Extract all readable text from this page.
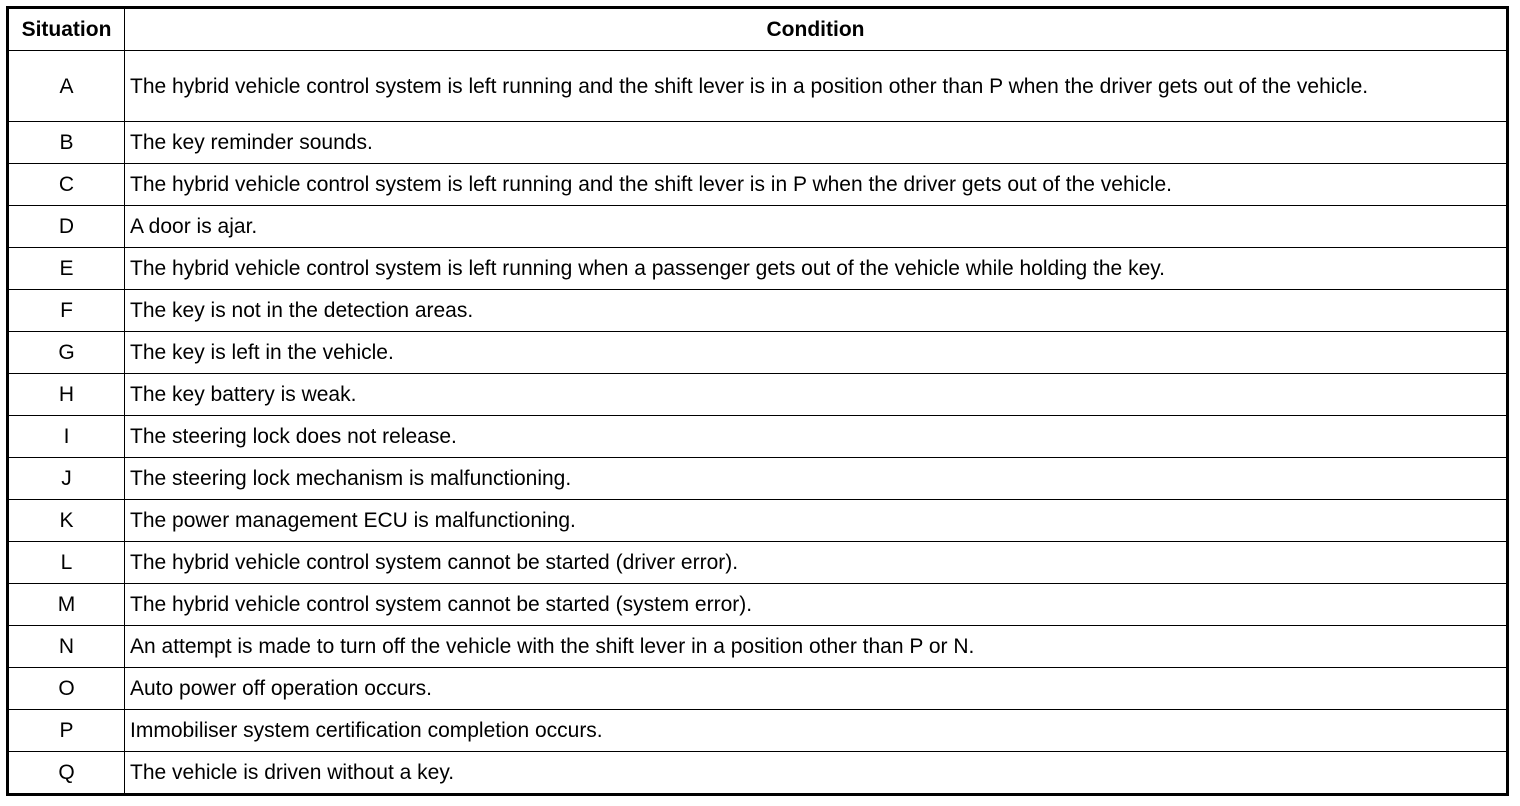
Situation	Condition
A	The hybrid vehicle control system is left running and the shift lever is in a position other than P when the driver gets out of the vehicle.
B	The key reminder sounds.
C	The hybrid vehicle control system is left running and the shift lever is in P when the driver gets out of the vehicle.
D	A door is ajar.
E	The hybrid vehicle control system is left running when a passenger gets out of the vehicle while holding the key.
F	The key is not in the detection areas.
G	The key is left in the vehicle.
H	The key battery is weak.
I	The steering lock does not release.
J	The steering lock mechanism is malfunctioning.
K	The power management ECU is malfunctioning.
L	The hybrid vehicle control system cannot be started (driver error).
M	The hybrid vehicle control system cannot be started (system error).
N	An attempt is made to turn off the vehicle with the shift lever in a position other than P or N.
O	Auto power off operation occurs.
P	Immobiliser system certification completion occurs.
Q	The vehicle is driven without a key.
